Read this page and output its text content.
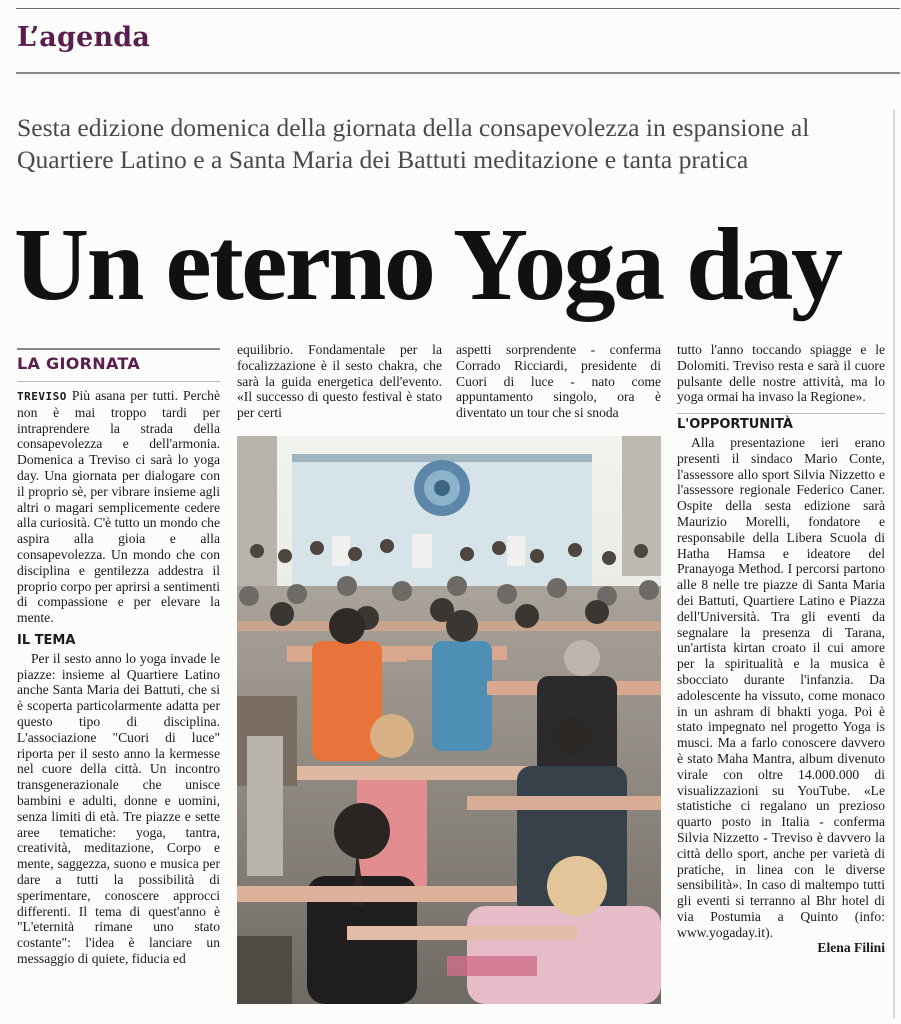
L’agenda
Sesta edizione domenica della giornata della consapevolezza in espansione al Quartiere Latino e a Santa Maria dei Battuti meditazione e tanta pratica
Un eterno Yoga day
LA GIORNATA

TREVISO Più asana per tutti. Perchè non è mai troppo tardi per intraprendere la strada della consapevolezza e dell'armonia. Domenica a Treviso ci sarà lo yoga day. Una giornata per dialogare con il proprio sè, per vibrare insieme agli altri o magari semplicemente cedere alla curiosità. C'è tutto un mondo che aspira alla gioia e alla consapevolezza. Un mondo che con disciplina e gentilezza addestra il proprio corpo per aprirsi a sentimenti di compassione e per elevare la mente.

IL TEMA

Per il sesto anno lo yoga invade le piazze: insieme al Quartiere Latino anche Santa Maria dei Battuti, che si è scoperta particolarmente adatta per questo tipo di disciplina. L'associazione "Cuori di luce" riporta per il sesto anno la kermesse nel cuore della città. Un incontro transgenerazionale che unisce bambini e adulti, donne e uomini, senza limiti di età. Tre piazze e sette aree tematiche: yoga, tantra, creatività, meditazione, Corpo e mente, saggezza, suono e musica per dare a tutti la possibilità di sperimentare, conoscere approcci differenti. Il tema di quest'anno è "L'eternità rimane uno stato costante": l'idea è lanciare un messaggio di quiete, fiducia ed

equilibrio. Fondamentale per la focalizzazione è il sesto chakra, che sarà la guida energetica dell'evento. «Il successo di questo festival è stato per certi

aspetti sorprendente - conferma Corrado Ricciardi, presidente di Cuori di luce - nato come appuntamento singolo, ora è diventato un tour che si snoda

tutto l'anno toccando spiagge e le Dolomiti. Treviso resta e sarà il cuore pulsante delle nostre attività, ma lo yoga ormai ha invaso la Regione».

L'OPPORTUNITÀ

Alla presentazione ieri erano presenti il sindaco Mario Conte, l'assessore allo sport Silvia Nizzetto e l'assessore regionale Federico Caner. Ospite della sesta edizione sarà Maurizio Morelli, fondatore e responsabile della Libera Scuola di Hatha Hamsa e ideatore del Pranayoga Method. I percorsi partono alle 8 nelle tre piazze di Santa Maria dei Battuti, Quartiere Latino e Piazza dell'Università. Tra gli eventi da segnalare la presenza di Tarana, un'artista kirtan croato il cui amore per la spiritualità e la musica è sbocciato durante l'infanzia. Da adolescente ha vissuto, come monaco in un ashram di bhakti yoga. Poi è stato impegnato nel progetto Yoga is musci. Ma a farlo conoscere davvero è stato Maha Mantra, album divenuto virale con oltre 14.000.000 di visualizzazioni su YouTube. «Le statistiche ci regalano un prezioso quarto posto in Italia - conferma Silvia Nizzetto - Treviso è davvero la città dello sport, anche per varietà di pratiche, in linea con le diverse sensibilità». In caso di maltempo tutti gli eventi si terranno al Bhr hotel di via Postumia a Quinto (info: www.yogaday.it).

Elena Filini
